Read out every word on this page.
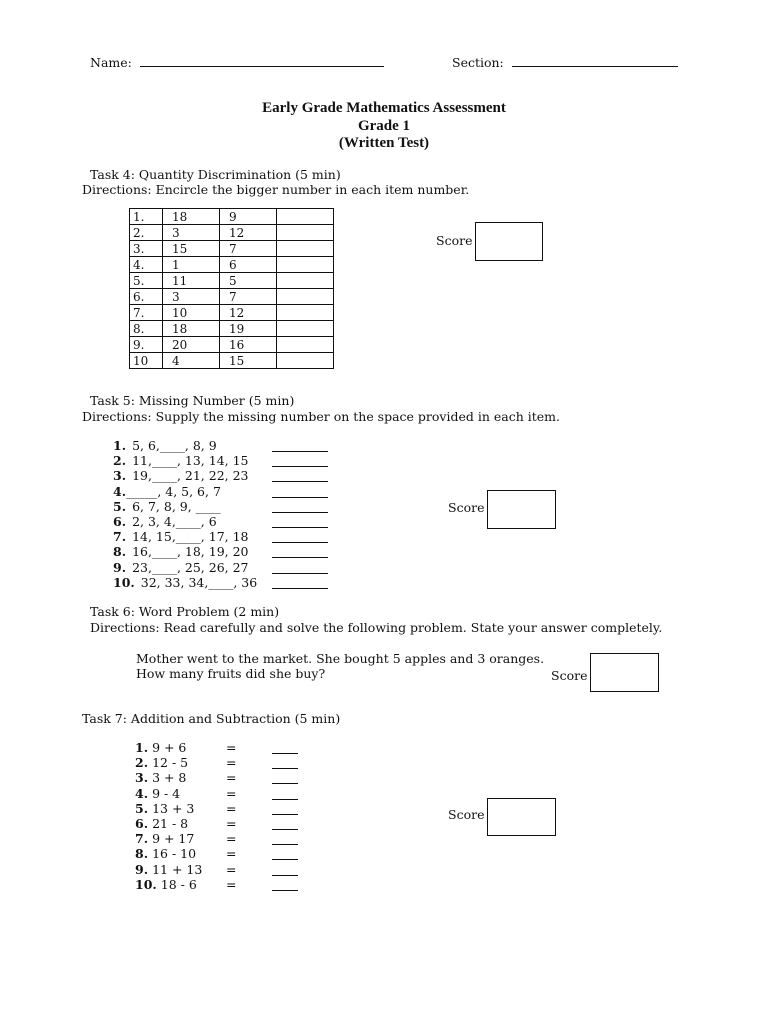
Name:	Section:
Early Grade Mathematics Assessment
Grade 1
(Written Test)
Task 4: Quantity Discrimination (5 min)
Directions: Encircle the bigger number in each item number.
1.	18	9	
2.	3	12	
3.	15	7	
4.	1	6	
5.	11	5	
6.	3	7	
7.	10	12	
8.	18	19	
9.	20	16	
10	4	15	
Score
Task 5: Missing Number (5 min)
Directions: Supply the missing number on the space provided in each item.
1. 5, 6,____, 8, 9
2. 11,____, 13, 14, 15
3. 19,____, 21, 22, 23
4._____, 4, 5, 6, 7
5. 6, 7, 8, 9, ____
6. 2, 3, 4,____, 6
7. 14, 15,____, 17, 18
8. 16,____, 18, 19, 20
9. 23,____, 25, 26, 27
10. 32, 33, 34,____, 36
Score
Task 6: Word Problem (2 min)
Directions: Read carefully and solve the following problem. State your answer completely.
Mother went to the market. She bought 5 apples and 3 oranges.
How many fruits did she buy?	Score
Task 7: Addition and Subtraction (5 min)
1. 9 + 6	=
2. 12 - 5	=
3. 3 + 8	=
4. 9 - 4	=
5. 13 + 3	=
6. 21 - 8	=
7. 9 + 17	=
8. 16 - 10 =
9. 11 + 13 =
10. 18 - 6 =
Score
